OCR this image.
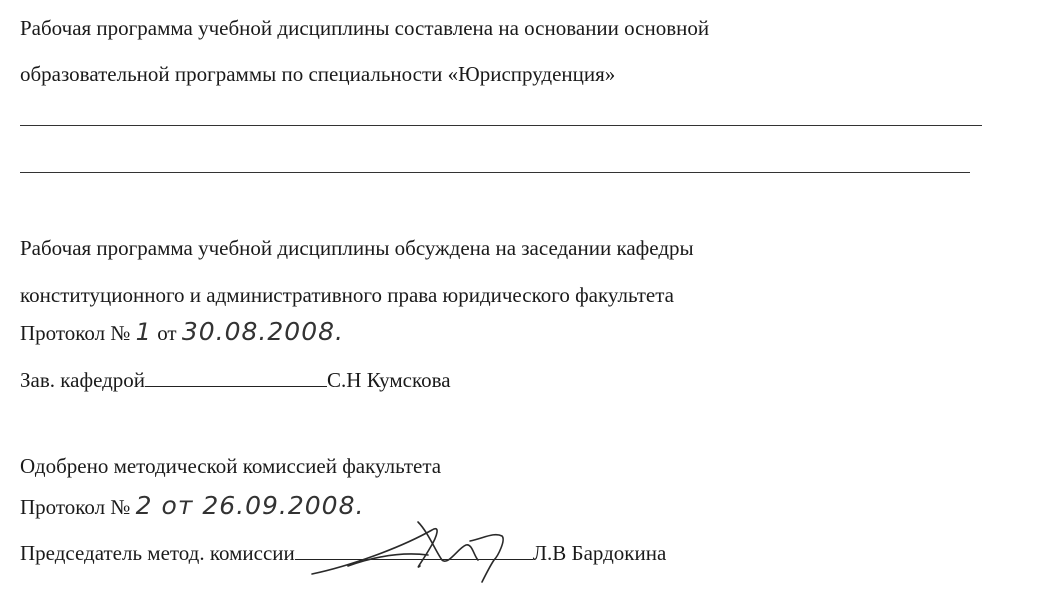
Рабочая программа учебной дисциплины составлена на основании основной
образовательной программы по специальности «Юриспруденция»
Рабочая программа учебной дисциплины обсуждена на заседании кафедры
конституционного и административного права юридического факультета
Протокол № 1 от 30.08.2008.
Зав. кафедрой	С.Н Кумскова
Одобрено методической комиссией факультета
Протокол № 2 от 26.09.2008.
Председатель метод. комиссии	Л.В Бардокина
